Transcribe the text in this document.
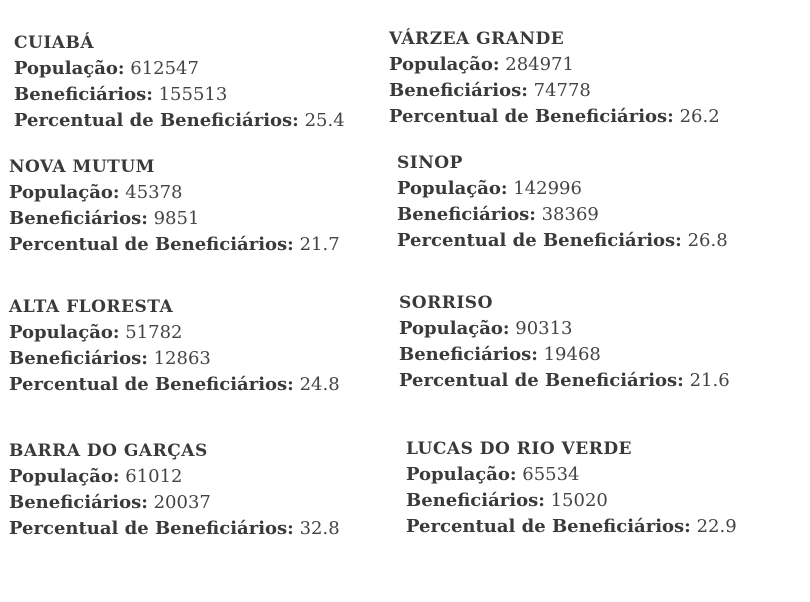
CUIABÁ
População: 612547
Beneficiários: 155513
Percentual de Beneficiários: 25.4
VÁRZEA GRANDE
População: 284971
Beneficiários: 74778
Percentual de Beneficiários: 26.2
NOVA MUTUM
População: 45378
Beneficiários: 9851
Percentual de Beneficiários: 21.7
SINOP
População: 142996
Beneficiários: 38369
Percentual de Beneficiários: 26.8
ALTA FLORESTA
População: 51782
Beneficiários: 12863
Percentual de Beneficiários: 24.8
SORRISO
População: 90313
Beneficiários: 19468
Percentual de Beneficiários: 21.6
BARRA DO GARÇAS
População: 61012
Beneficiários: 20037
Percentual de Beneficiários: 32.8
LUCAS DO RIO VERDE
População: 65534
Beneficiários: 15020
Percentual de Beneficiários: 22.9
